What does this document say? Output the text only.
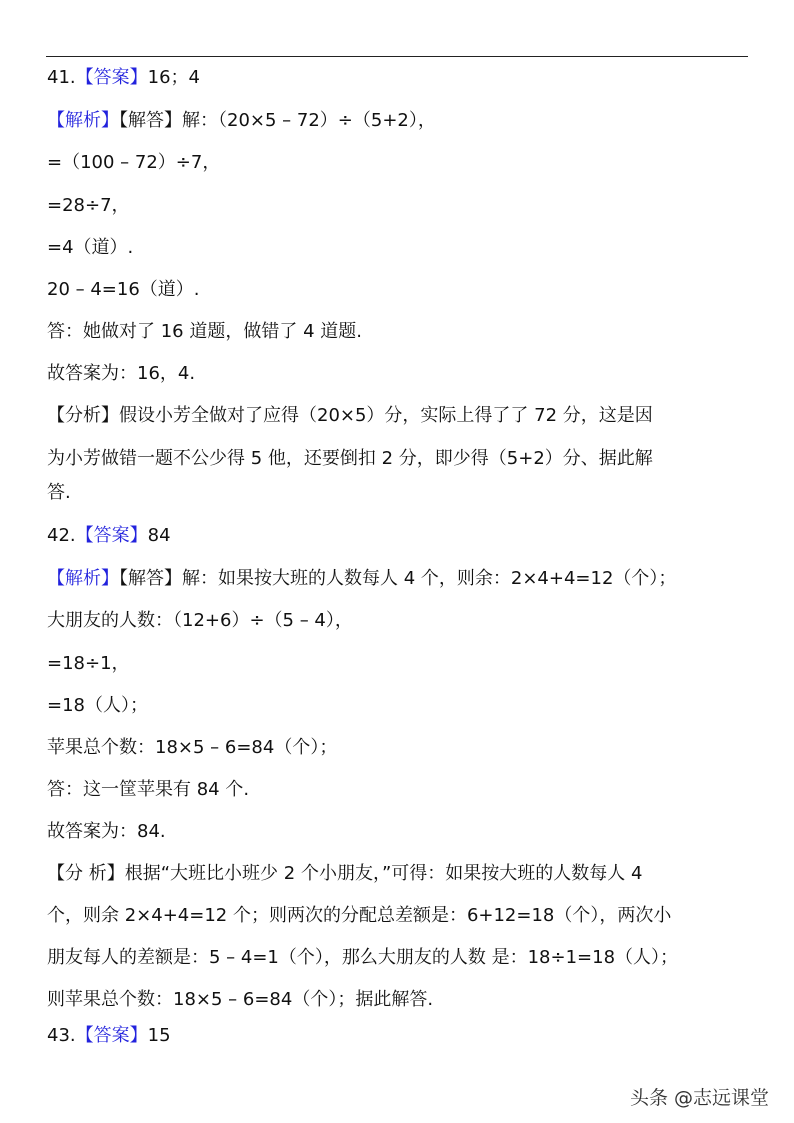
41.【答案】16；4
【解析】【解答】解：（20×5 – 72）÷（5+2），
=（100 – 72）÷7，
=28÷7，
=4（道）.
20 – 4=16（道）.
答：她做对了 16 道题，做错了 4 道题.
故答案为：16，4.
【分析】假设小芳全做对了应得（20×5）分，实际上得了了 72 分，这是因
为小芳做错一题不公少得 5 他，还要倒扣 2 分，即少得（5+2）分、据此解
答.
42.【答案】84
【解析】【解答】解：如果按大班的人数每人 4 个，则余：2×4+4=12（个）；
大朋友的人数：（12+6）÷（5 – 4），
=18÷1，
=18（人）；
苹果总个数：18×5 – 6=84（个）；
答：这一筐苹果有 84 个.
故答案为：84.
【分 析】根据“大班比小班少 2 个小朋友，”可得：如果按大班的人数每人 4
个，则余 2×4+4=12 个；则两次的分配总差额是：6+12=18（个），两次小
朋友每人的差额是：5 – 4=1（个），那么大朋友的人数 是：18÷1=18（人）；
则苹果总个数：18×5 – 6=84（个）；据此解答.
43.【答案】15
头条 @志远课堂
